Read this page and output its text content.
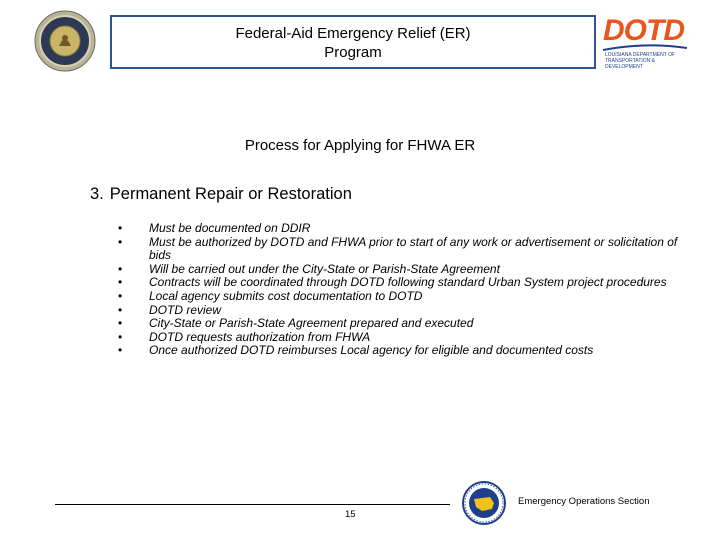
Federal-Aid Emergency Relief (ER)
Program
DOTD
LOUISIANA DEPARTMENT OF TRANSPORTATION & DEVELOPMENT
Process for Applying for FHWA ER
3. Permanent Repair or Restoration
• Must be documented on DDIR
• Must be authorized by DOTD and FHWA prior to start of any work or advertisement or solicitation of bids
• Will be carried out under the City-State or Parish-State Agreement
• Contracts will be coordinated through DOTD following standard Urban System project procedures
• Local agency submits cost documentation to DOTD
• DOTD review
• City-State or Parish-State Agreement prepared and executed
• DOTD requests authorization from FHWA
• Once authorized DOTD reimburses Local agency for eligible and documented costs
15
Emergency Operations Section
